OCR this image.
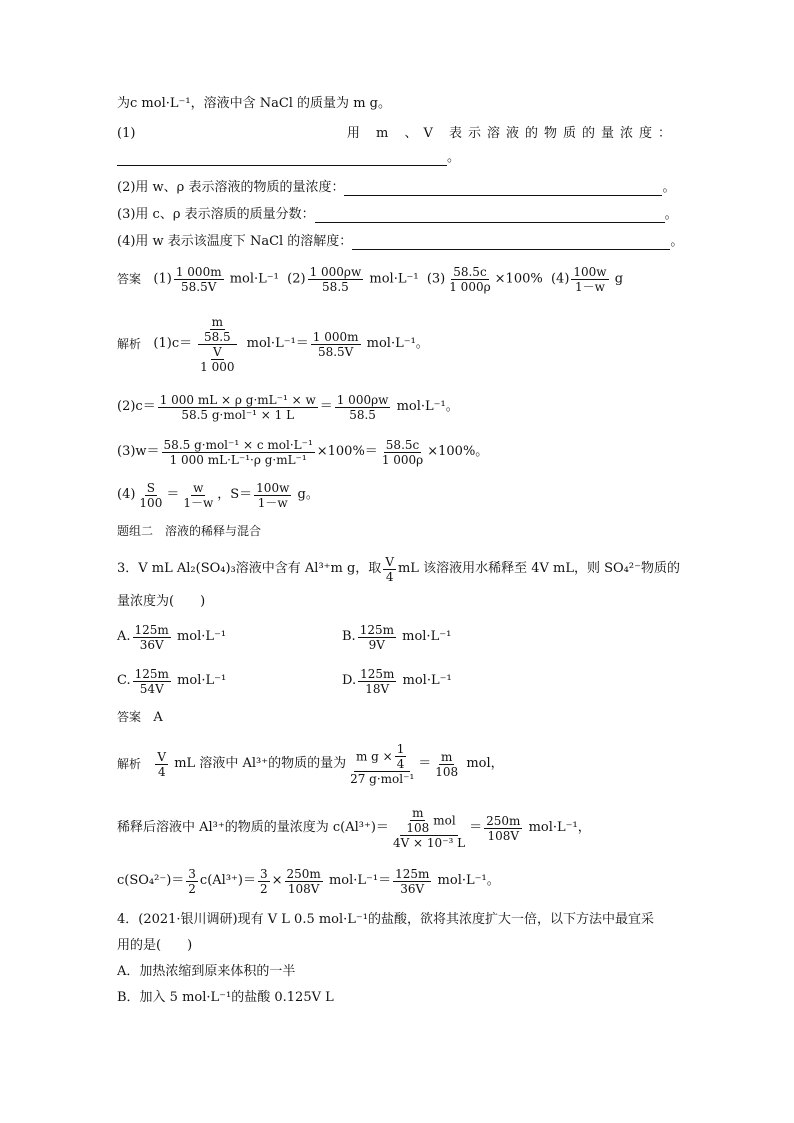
为c mol·L⁻¹，溶液中含 NaCl 的质量为 m g。
(1)	用 m 、V 表示溶液的物质的量浓度：
。
(2)用 w、ρ 表示溶液的物质的量浓度：	。
(3)用 c、ρ 表示溶质的质量分数：	。
(4)用 w 表示该温度下 NaCl 的溶解度：	。
答案 $(1) \frac{1 000m}{58.5V} mol\cdot L^{-1}$ $(2) \frac{1 000\rho w}{58.5} mol\cdot L^{-1}$ $(3) \frac{58.5c}{1 000\rho} \times 100\%$ $(4) \frac{100w}{1-w}$ g
解析 $(1)c= \frac{\frac{m}{58.5}}{\frac{V}{1 000}} mol\cdot L^{-1}= \frac{1 000m}{58.5V} mol\cdot L^{-1}$。
$(2)c= \frac{\text{1 000 mL × ρ g·mL⁻¹ × w}}{\text{58.5 g·mol⁻¹ × 1 L}} = \frac{1 000\rho w}{58.5} mol\cdot L^{-1}$。
$(3)w= \frac{\text{58.5 g·mol⁻¹ × c mol·L⁻¹}}{\text{1 000 mL·L⁻¹·ρ g·mL⁻¹}} \times 100\%= \frac{58.5c}{1 000\rho} \times 100\%$。
$(4) \frac{S}{100} = \frac{w}{1-w}$ ，$S= \frac{100w}{1-w}$ g。
题组二　溶液的稀释与混合
3．V mL Al₂(SO₄)₃溶液中含有 Al³⁺m g，取 $\frac{V}{4}$ mL 该溶液用水稀释至 4V mL，则 SO₄²⁻物质的
量浓度为(　　)
A. $\frac{125m}{36V} mol\cdot L^{-1}$	B. $\frac{125m}{9V} mol\cdot L^{-1}$
C. $\frac{125m}{54V} mol\cdot L^{-1}$	D. $\frac{125m}{18V} mol\cdot L^{-1}$
答案 A
解析 $\frac{V}{4}$ mL 溶液中 Al³⁺的物质的量为 $\frac{m g \times \frac{1}{4}}{\text{27 g·mol⁻¹}} = \frac{m}{108}$ mol，
稀释后溶液中 Al³⁺的物质的量浓度为 $c(Al^{3+})= \frac{\frac{m}{108} mol}{\text{4V × 10⁻³ L}} = \frac{250m}{108V} mol\cdot L^{-1}$，
$c(SO_4^{2-})= \frac{3}{2} c(Al^{3+})= \frac{3}{2} \times \frac{250m}{108V} mol\cdot L^{-1}= \frac{125m}{36V} mol\cdot L^{-1}$。
4．(2021·银川调研)现有 V L 0.5 mol·L⁻¹的盐酸，欲将其浓度扩大一倍，以下方法中最宜采
用的是(　　)
A．加热浓缩到原来体积的一半
B．加入 5 mol·L⁻¹的盐酸 0.125V L
